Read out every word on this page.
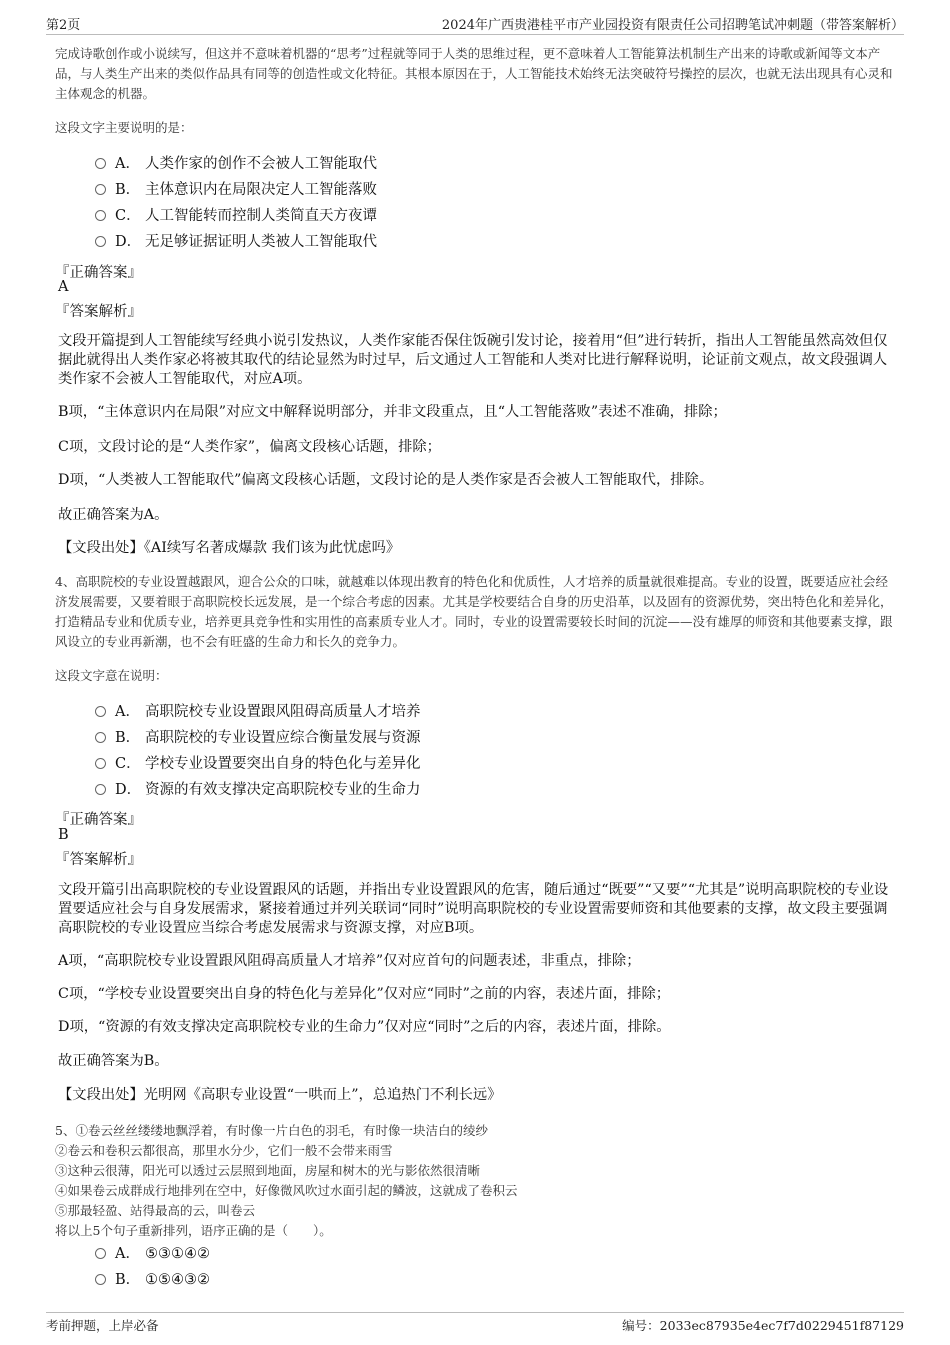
第2页	2024年广西贵港桂平市产业园投资有限责任公司招聘笔试冲刺题（带答案解析）

完成诗歌创作或小说续写，但这并不意味着机器的“思考”过程就等同于人类的思维过程，更不意味着人工智能算法机制生产出来的诗歌或新闻等文本产品，与人类生产出来的类似作品具有同等的创造性或文化特征。其根本原因在于，人工智能技术始终无法突破符号操控的层次，也就无法出现具有心灵和主体观念的机器。

这段文字主要说明的是：

A． 人类作家的创作不会被人工智能取代
B． 主体意识内在局限决定人工智能落败
C． 人工智能转而控制人类简直天方夜谭
D． 无足够证据证明人类被人工智能取代
『正确答案』
A
『答案解析』

文段开篇提到人工智能续写经典小说引发热议，人类作家能否保住饭碗引发讨论，接着用“但”进行转折，指出人工智能虽然高效但仅据此就得出人类作家必将被其取代的结论显然为时过早，后文通过人工智能和人类对比进行解释说明，论证前文观点，故文段强调人类作家不会被人工智能取代，对应A项。

B项，“主体意识内在局限”对应文中解释说明部分，并非文段重点，且“人工智能落败”表述不准确，排除；

C项，文段讨论的是“人类作家”，偏离文段核心话题，排除；

D项，“人类被人工智能取代”偏离文段核心话题，文段讨论的是人类作家是否会被人工智能取代，排除。

故正确答案为A。

【文段出处】《AI续写名著成爆款 我们该为此忧虑吗》

4、高职院校的专业设置越跟风，迎合公众的口味，就越难以体现出教育的特色化和优质性，人才培养的质量就很难提高。专业的设置，既要适应社会经济发展需要，又要着眼于高职院校长远发展，是一个综合考虑的因素。尤其是学校要结合自身的历史沿革，以及固有的资源优势，突出特色化和差异化，打造精品专业和优质专业，培养更具竞争性和实用性的高素质专业人才。同时，专业的设置需要较长时间的沉淀——没有雄厚的师资和其他要素支撑，跟风设立的专业再新潮，也不会有旺盛的生命力和长久的竞争力。

这段文字意在说明：

A． 高职院校专业设置跟风阻碍高质量人才培养
B． 高职院校的专业设置应综合衡量发展与资源
C． 学校专业设置要突出自身的特色化与差异化
D． 资源的有效支撑决定高职院校专业的生命力
『正确答案』
B
『答案解析』

文段开篇引出高职院校的专业设置跟风的话题，并指出专业设置跟风的危害，随后通过“既要”“又要”“尤其是”说明高职院校的专业设置要适应社会与自身发展需求，紧接着通过并列关联词“同时”说明高职院校的专业设置需要师资和其他要素的支撑，故文段主要强调高职院校的专业设置应当综合考虑发展需求与资源支撑，对应B项。

A项，“高职院校专业设置跟风阻碍高质量人才培养”仅对应首句的问题表述，非重点，排除；

C项，“学校专业设置要突出自身的特色化与差异化”仅对应“同时”之前的内容，表述片面，排除；

D项，“资源的有效支撑决定高职院校专业的生命力”仅对应“同时”之后的内容，表述片面，排除。

故正确答案为B。

【文段出处】光明网《高职专业设置“一哄而上”，总追热门不利长远》

5、①卷云丝丝缕缕地飘浮着，有时像一片白色的羽毛，有时像一块洁白的绫纱

②卷云和卷积云都很高，那里水分少，它们一般不会带来雨雪

③这种云很薄，阳光可以透过云层照到地面，房屋和树木的光与影依然很清晰

④如果卷云成群成行地排列在空中，好像微风吹过水面引起的鳞波，这就成了卷积云

⑤那最轻盈、站得最高的云，叫卷云

将以上5个句子重新排列，语序正确的是（　　）。

A． ⑤③①④②
B． ①⑤④③②
考前押题，上岸必备	编号：2033ec87935e4ec7f7d0229451f87129
